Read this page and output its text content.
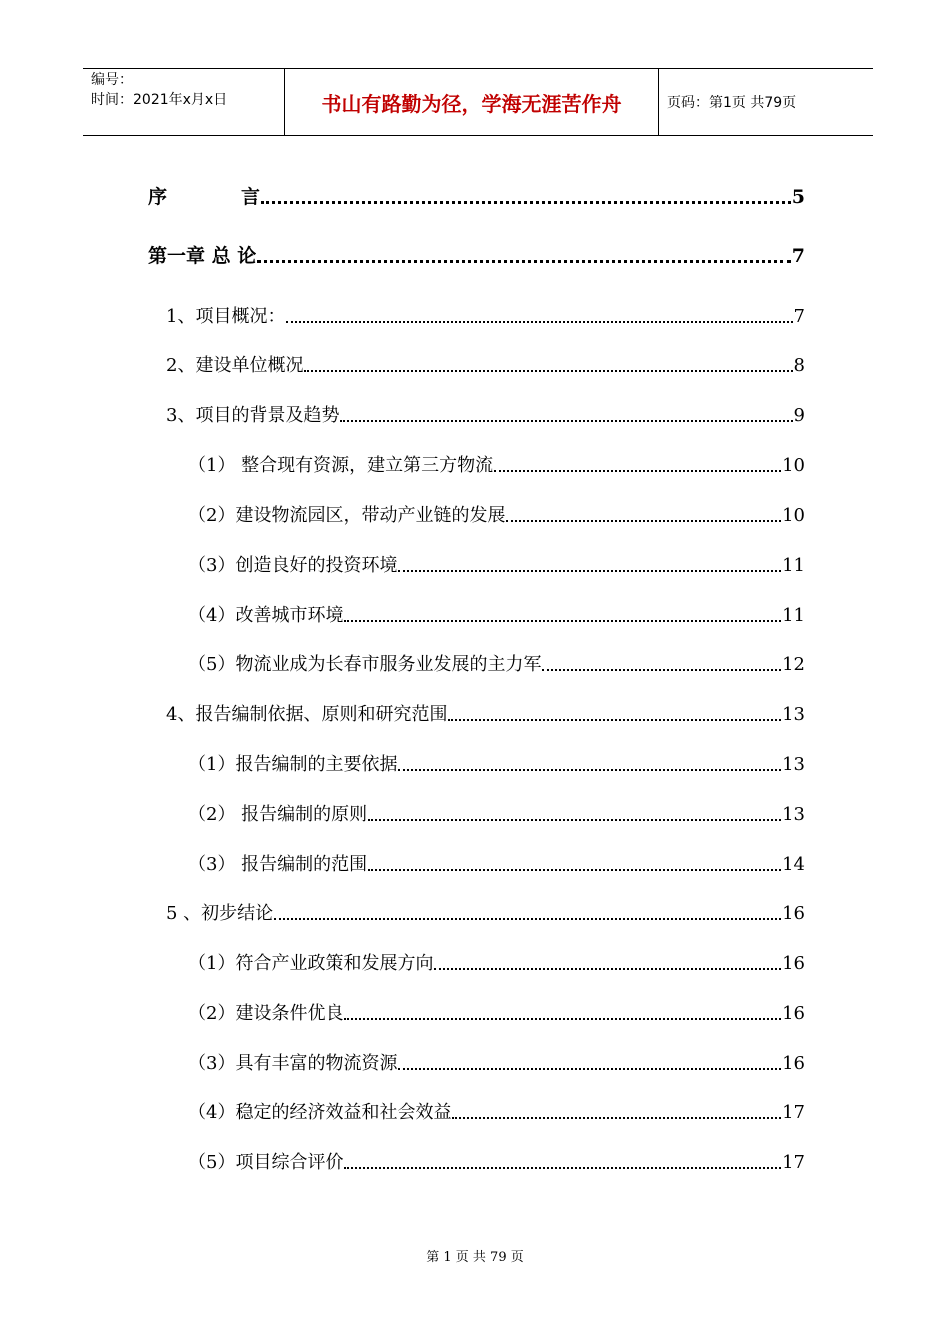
编号：
时间：2021年x月x日	书山有路勤为径，学海无涯苦作舟	页码：第1页 共79页
序	言	5
第一章 总 论	7
1、项目概况：	7
2、建设单位概况	8
3、项目的背景及趋势	9
（1） 整合现有资源，建立第三方物流	10
（2）建设物流园区，带动产业链的发展	10
（3）创造良好的投资环境	11
（4）改善城市环境	11
（5）物流业成为长春市服务业发展的主力军	12
4、报告编制依据、原则和研究范围	13
（1）报告编制的主要依据	13
（2） 报告编制的原则	13
（3） 报告编制的范围	14
5 、初步结论	16
（1）符合产业政策和发展方向	16
（2）建设条件优良	16
（3）具有丰富的物流资源	16
（4）稳定的经济效益和社会效益	17
（5）项目综合评价	17
第 1 页 共 79 页
